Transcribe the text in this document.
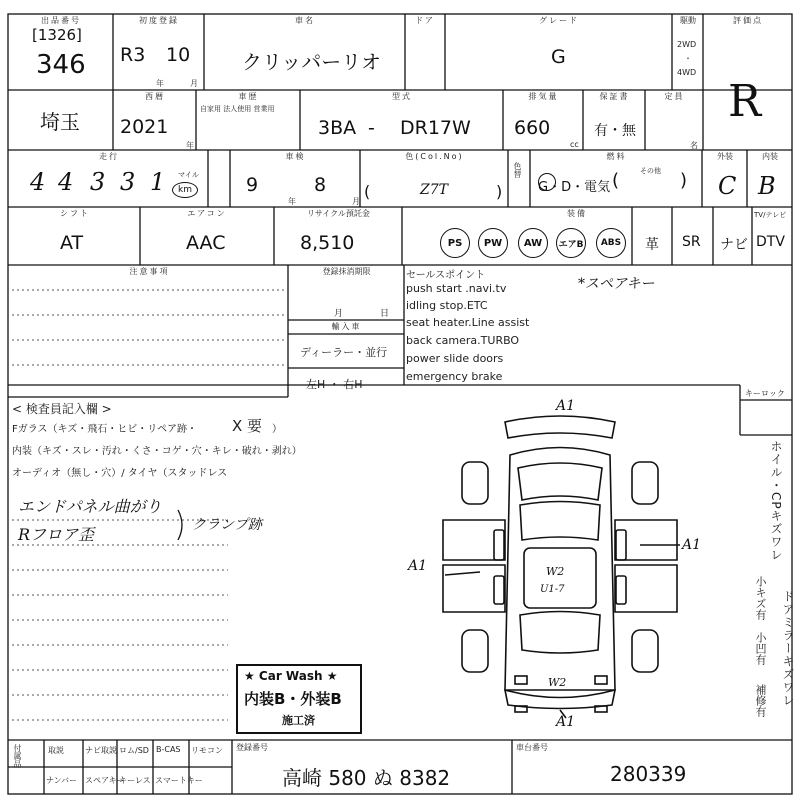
出品番号
[1326]
346
初度登録
R3 10
年	月
車名
クリッパーリオ
ドア	グレード
G
駆動
2WD
・
4WD
評価点
R
埼玉
西暦
2021
年
車歴
自家用 法人使用 営業用
型式
3BA - DR17W
排気量
660
cc
保証書
有・無
定員
名
走行
4 4 3 3 1 マイル
km
車検
9
年
8
月
色(Col.No)
(	Z7T	)
色替
燃料
G・D・電気 (	その他 )
外装
C
内装
B
シフト
AT
エアコン
AAC
リサイクル預託金
8,510
装備
PS	PW	AW	エアB	ABS	革 SR ナビ
TV/テレビ
DTV
注意事項	登録抹消期限
月	日
輸入車
ディーラー・並行
左H ・ 右H
セールスポイント
push start .navi.tv
idling stop.ETC
seat heater.Line assist
back camera.TURBO
power slide doors
emergency brake
*スペアキー
< 検査員記入欄 >
Fガラス（キズ・飛石・ヒビ・リペア跡・ X 要 ）
内装（キズ・スレ・汚れ・くさ・コゲ・穴・キレ・破れ・剥れ）
オーディオ（無し・穴）/ タイヤ（スタッドレス
エンドパネル曲がり
Rフロア歪	クランプ跡
キーロック
A1
A1
A1
A1
W2
U1-7
W2
ホイル・CPキズワレ
ドアミラーキズワレ
小キズ有
小凹有
補修有
★ Car Wash ★
内装B・外装B
施工済
付属品	取説	ナビ取説 ロム/SD B-CAS リモコン
ナンバー スペアキー
キーレス スマートキー
登録番号
高崎 580 ぬ 8382
車台番号
280339
